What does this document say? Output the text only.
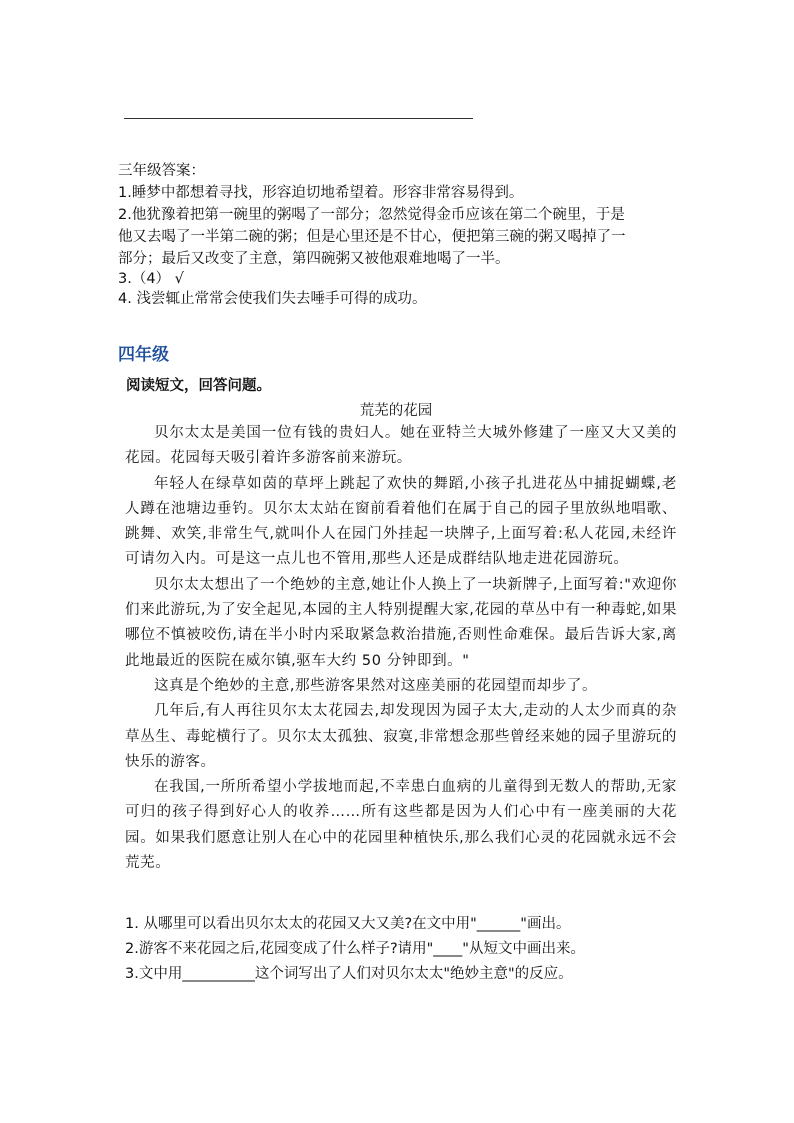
三年级答案：
1.睡梦中都想着寻找，形容迫切地希望着。形容非常容易得到。
2.他犹豫着把第一碗里的粥喝了一部分；忽然觉得金币应该在第二个碗里，于是
他又去喝了一半第二碗的粥；但是心里还是不甘心，便把第三碗的粥又喝掉了一
部分；最后又改变了主意，第四碗粥又被他艰难地喝了一半。
3.（4） √
4. 浅尝辄止常常会使我们失去唾手可得的成功。
四年级
阅读短文，回答问题。
荒芜的花园

贝尔太太是美国一位有钱的贵妇人。她在亚特兰大城外修建了一座又大又美的花园。花园每天吸引着许多游客前来游玩。

年轻人在绿草如茵的草坪上跳起了欢快的舞蹈,小孩子扎进花丛中捕捉蝴蝶,老人蹲在池塘边垂钓。贝尔太太站在窗前看着他们在属于自己的园子里放纵地唱歌、跳舞、欢笑,非常生气,就叫仆人在园门外挂起一块牌子,上面写着:私人花园,未经许可请勿入内。可是这一点儿也不管用,那些人还是成群结队地走进花园游玩。

贝尔太太想出了一个绝妙的主意,她让仆人换上了一块新牌子,上面写着:"欢迎你们来此游玩,为了安全起见,本园的主人特别提醒大家,花园的草丛中有一种毒蛇,如果哪位不慎被咬伤,请在半小时内采取紧急救治措施,否则性命难保。最后告诉大家,离此地最近的医院在威尔镇,驱车大约 50 分钟即到。"

这真是个绝妙的主意,那些游客果然对这座美丽的花园望而却步了。

几年后,有人再往贝尔太太花园去,却发现因为园子太大,走动的人太少而真的杂草丛生、毒蛇横行了。贝尔太太孤独、寂寞,非常想念那些曾经来她的园子里游玩的快乐的游客。

在我国,一所所希望小学拔地而起,不幸患白血病的儿童得到无数人的帮助,无家可归的孩子得到好心人的收养……所有这些都是因为人们心中有一座美丽的大花园。如果我们愿意让别人在心中的花园里种植快乐,那么我们心灵的花园就永远不会荒芜。

1. 从哪里可以看出贝尔太太的花园又大又美?在文中用"______"画出。
2.游客不来花园之后,花园变成了什么样子?请用"____"从短文中画出来。
3.文中用__________这个词写出了人们对贝尔太太"绝妙主意"的反应。
